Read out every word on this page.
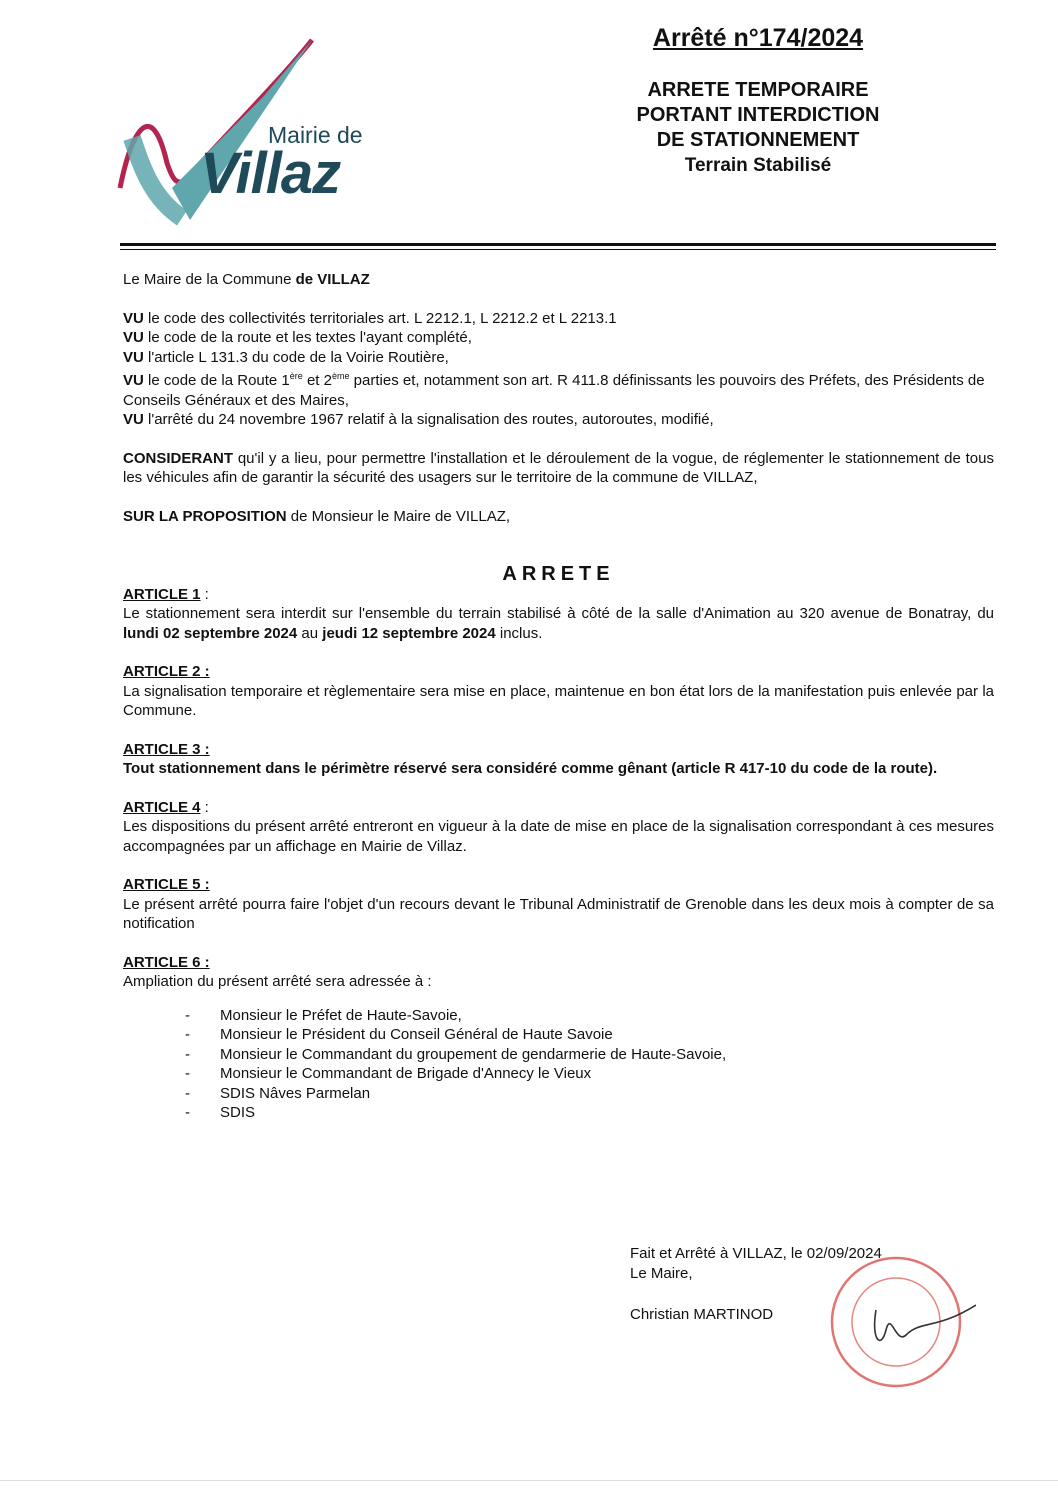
Mairie de
Villaz
Arrêté n°174/2024
ARRETE TEMPORAIRE
PORTANT INTERDICTION
DE STATIONNEMENT
Terrain Stabilisé

Le Maire de la Commune de VILLAZ

VU le code des collectivités territoriales art. L 2212.1, L 2212.2 et L 2213.1

VU le code de la route et les textes l'ayant complété,

VU l'article L 131.3 du code de la Voirie Routière,

VU le code de la Route 1ère et 2ème parties et, notamment son art. R 411.8 définissants les pouvoirs des Préfets, des Présidents de Conseils Généraux et des Maires,

VU l'arrêté du 24 novembre 1967 relatif à la signalisation des routes, autoroutes, modifié,

CONSIDERANT qu'il y a lieu, pour permettre l'installation et le déroulement de la vogue, de réglementer le stationnement de tous les véhicules afin de garantir la sécurité des usagers sur le territoire de la commune de VILLAZ,

SUR LA PROPOSITION de Monsieur le Maire de VILLAZ,

ARRETE

ARTICLE 1 :

Le stationnement sera interdit sur l'ensemble du terrain stabilisé à côté de la salle d'Animation au 320 avenue de Bonatray, du lundi 02 septembre 2024 au jeudi 12 septembre 2024 inclus.

ARTICLE 2 :

La signalisation temporaire et règlementaire sera mise en place, maintenue en bon état lors de la manifestation puis enlevée par la Commune.

ARTICLE 3 :

Tout stationnement dans le périmètre réservé sera considéré comme gênant (article R 417-10 du code de la route).

ARTICLE 4 :

Les dispositions du présent arrêté entreront en vigueur à la date de mise en place de la signalisation correspondant à ces mesures accompagnées par un affichage en Mairie de Villaz.

ARTICLE 5 :

Le présent arrêté pourra faire l'objet d'un recours devant le Tribunal Administratif de Grenoble dans les deux mois à compter de sa notification

ARTICLE 6 :

Ampliation du présent arrêté sera adressée à :

- Monsieur le Préfet de Haute-Savoie,
- Monsieur le Président du Conseil Général de Haute Savoie
- Monsieur le Commandant du groupement de gendarmerie de Haute-Savoie,
- Monsieur le Commandant de Brigade d'Annecy le Vieux
- SDIS Nâves Parmelan
- SDIS
Fait et Arrêté à VILLAZ, le 02/09/2024
Le Maire,
Christian MARTINOD
